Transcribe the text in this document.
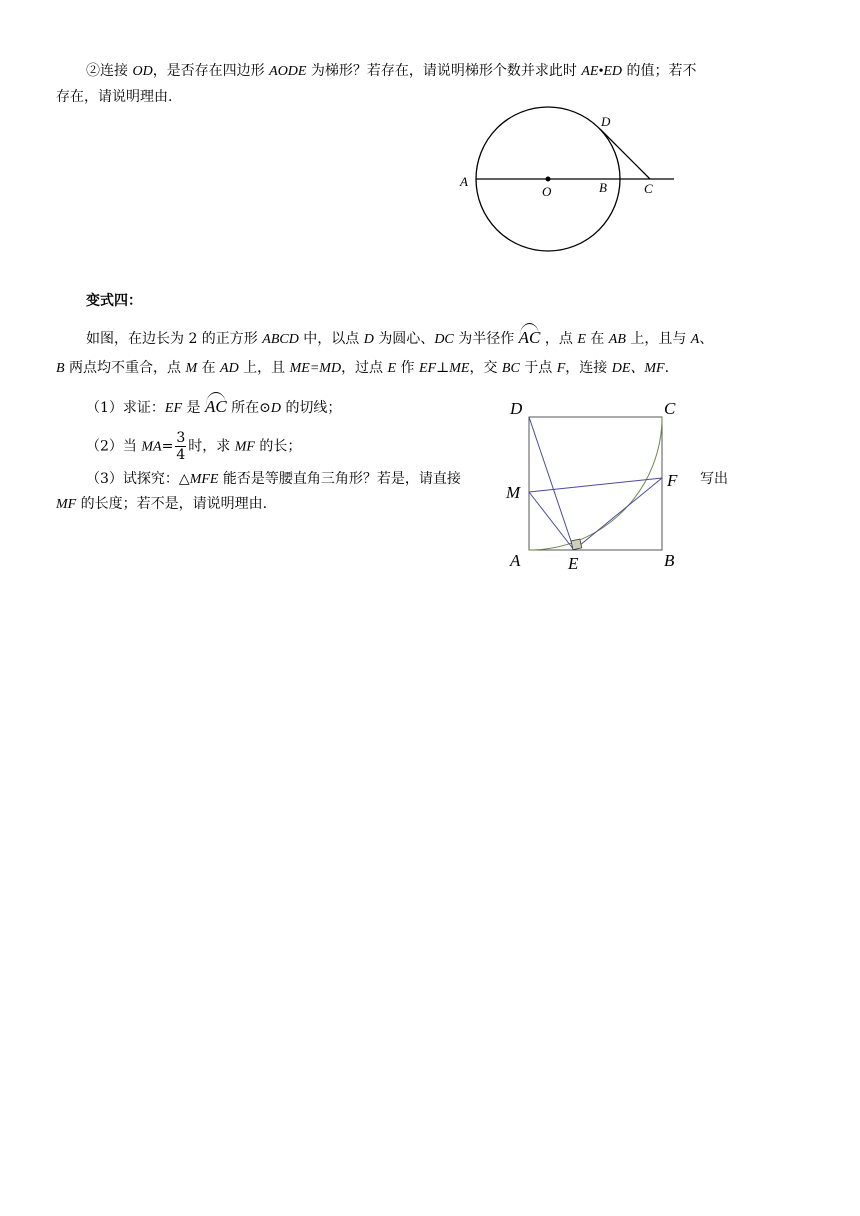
②连接 OD，是否存在四边形 AODE 为梯形？若存在，请说明梯形个数并求此时 AE•ED 的值；若不
存在，请说明理由.
A
O	B	C
D
变式四：
如图，在边长为 2 的正方形 ABCD 中，以点 D 为圆心、DC 为半径作 AC ，点 E 在 AB 上，且与 A、
B 两点均不重合，点 M 在 AD 上，且 ME=MD，过点 E 作 EF⊥ME，交 BC 于点 F，连接 DE、MF.
（1）求证：EF 是 AC 所在⊙D 的切线；
（2）当 $MA= \frac{3}{4}$ 时，求 MF 的长；
（3）试探究：△MFE 能否是等腰直角三角形？若是，请直接	写出
MF 的长度；若不是，请说明理由.
D	C
M
F
A	E	B
